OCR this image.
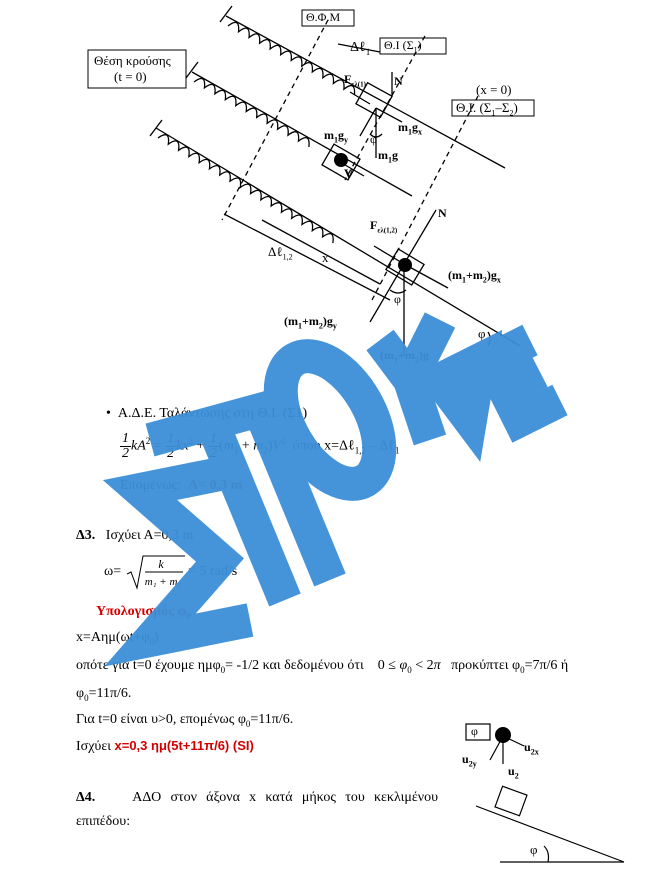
Θ.Φ.Μ
Δℓ$_1$ Θ.Ι $(\Sigma_1)$
Θέση κρούσης
(t = 0)
(x = 0)
Θ.Ι. $(\Sigma_1-\Sigma_2)$
$F_{\varepsilon\lambda(1)}$ N
$m_1g_y$
$m_1g_x$
$m_1g$
φ
V
$F_{\varepsilon\lambda(1,2)}$
N
Δℓ$_{1,2}$ x
$(m_1+m_2)g_x$
$(m_1+m_2)g_y$
φ
$(m_1+m_2)g$
φ
•  Α.Δ.Ε. Ταλάντωσης στη Θ.Ι. (Σ1)
$\frac{1}{2} kA^2 = \frac{1}{2} kx^2 + \frac{1}{2} (m_1 + m_2)V^2$ όπου x=Δℓ$_{1,2}$ – Δℓ$_1$
Επομένως: Α= 0,3 m
Δ3. Ισχύει Α=0,3 m
ω=
k
m₁ + m₂
= 5 rad/s
Υπολογισμός $\varphi_0$
$x=A\eta\mu(\omega t+\varphi_0)$
οπότε για t=0 έχουμε ημφ$_0$= -1/2 και δεδομένου ότι    $0 \le \varphi_0 < 2\pi$ προκύπτει $\varphi_0=7\pi/6$ ή
$\varphi_0=11\pi/6$.
Για t=0 είναι υ>0, επομένως $\varphi_0=11\pi/6$.
Ισχύει x=0,3 ημ(5t+11π/6) (SI)
Δ4.	ΑΔΟ στον άξονα x κατά μήκος του κεκλιμένου
επιπέδου:
φ
$u_{2x}$
$u_{2y}$
$u_2$
φ
